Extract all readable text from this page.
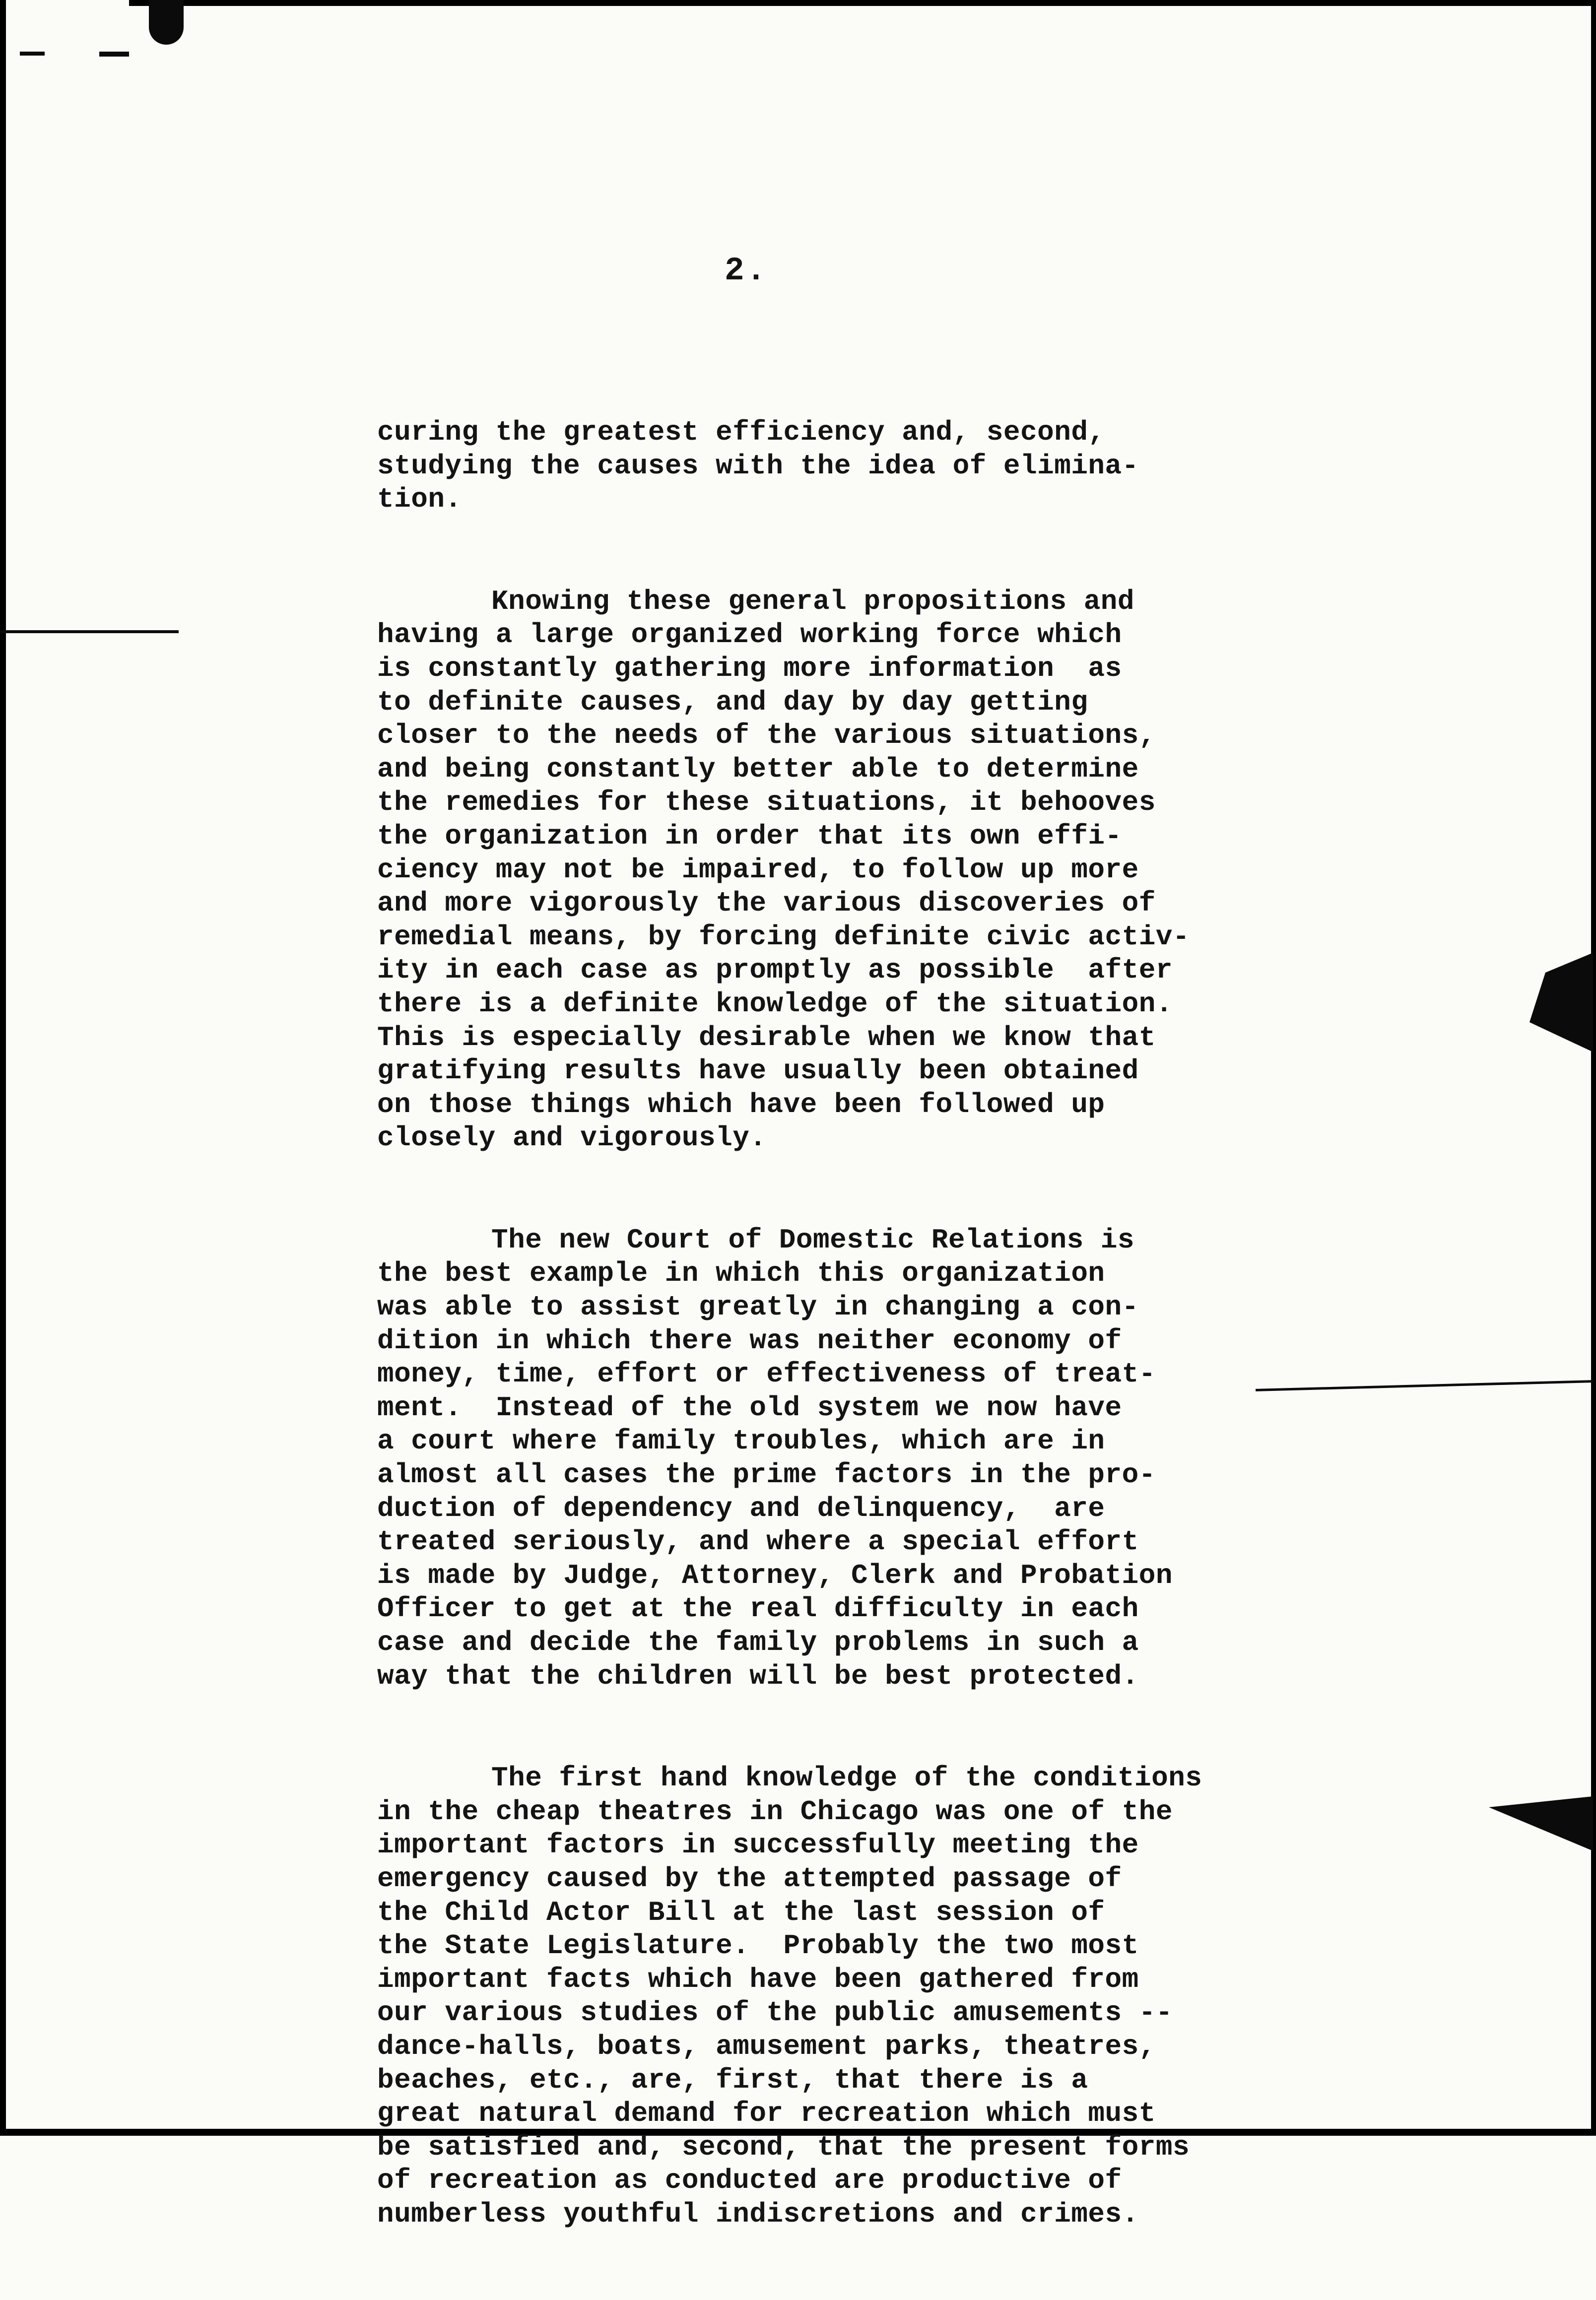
2.
curing the greatest efficiency and, second,
studying the causes with the idea of elimina-
tion.
Knowing these general propositions and
having a large organized working force which
is constantly gathering more information  as
to definite causes, and day by day getting
closer to the needs of the various situations,
and being constantly better able to determine
the remedies for these situations, it behooves
the organization in order that its own effi-
ciency may not be impaired, to follow up more
and more vigorously the various discoveries of
remedial means, by forcing definite civic activ-
ity in each case as promptly as possible  after
there is a definite knowledge of the situation.
This is especially desirable when we know that
gratifying results have usually been obtained
on those things which have been followed up
closely and vigorously.
The new Court of Domestic Relations is
the best example in which this organization
was able to assist greatly in changing a con-
dition in which there was neither economy of
money, time, effort or effectiveness of treat-
ment.  Instead of the old system we now have
a court where family troubles, which are in
almost all cases the prime factors in the pro-
duction of dependency and delinquency,  are
treated seriously, and where a special effort
is made by Judge, Attorney, Clerk and Probation
Officer to get at the real difficulty in each
case and decide the family problems in such a
way that the children will be best protected.
The first hand knowledge of the conditions
in the cheap theatres in Chicago was one of the
important factors in successfully meeting the
emergency caused by the attempted passage of
the Child Actor Bill at the last session of
the State Legislature.  Probably the two most
important facts which have been gathered from
our various studies of the public amusements --
dance-halls, boats, amusement parks, theatres,
beaches, etc., are, first, that there is a
great natural demand for recreation which must
be satisfied and, second, that the present forms
of recreation as conducted are productive of
numberless youthful indiscretions and crimes.
